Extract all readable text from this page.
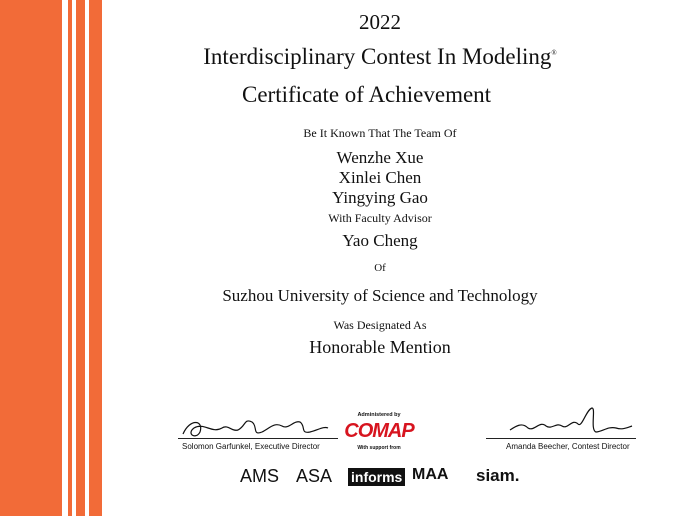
2022
Interdisciplinary Contest In Modeling®
Certificate of Achievement
Be It Known That The Team Of
Wenzhe Xue
Xinlei Chen
Yingying Gao
With Faculty Advisor
Yao Cheng
Of
Suzhou University of Science and Technology
Was Designated As
Honorable Mention
Solomon Garfunkel, Executive Director
Administered by
COMAP
With support from	Amanda Beecher, Contest Director
AMS ASA informs MAA siam.
